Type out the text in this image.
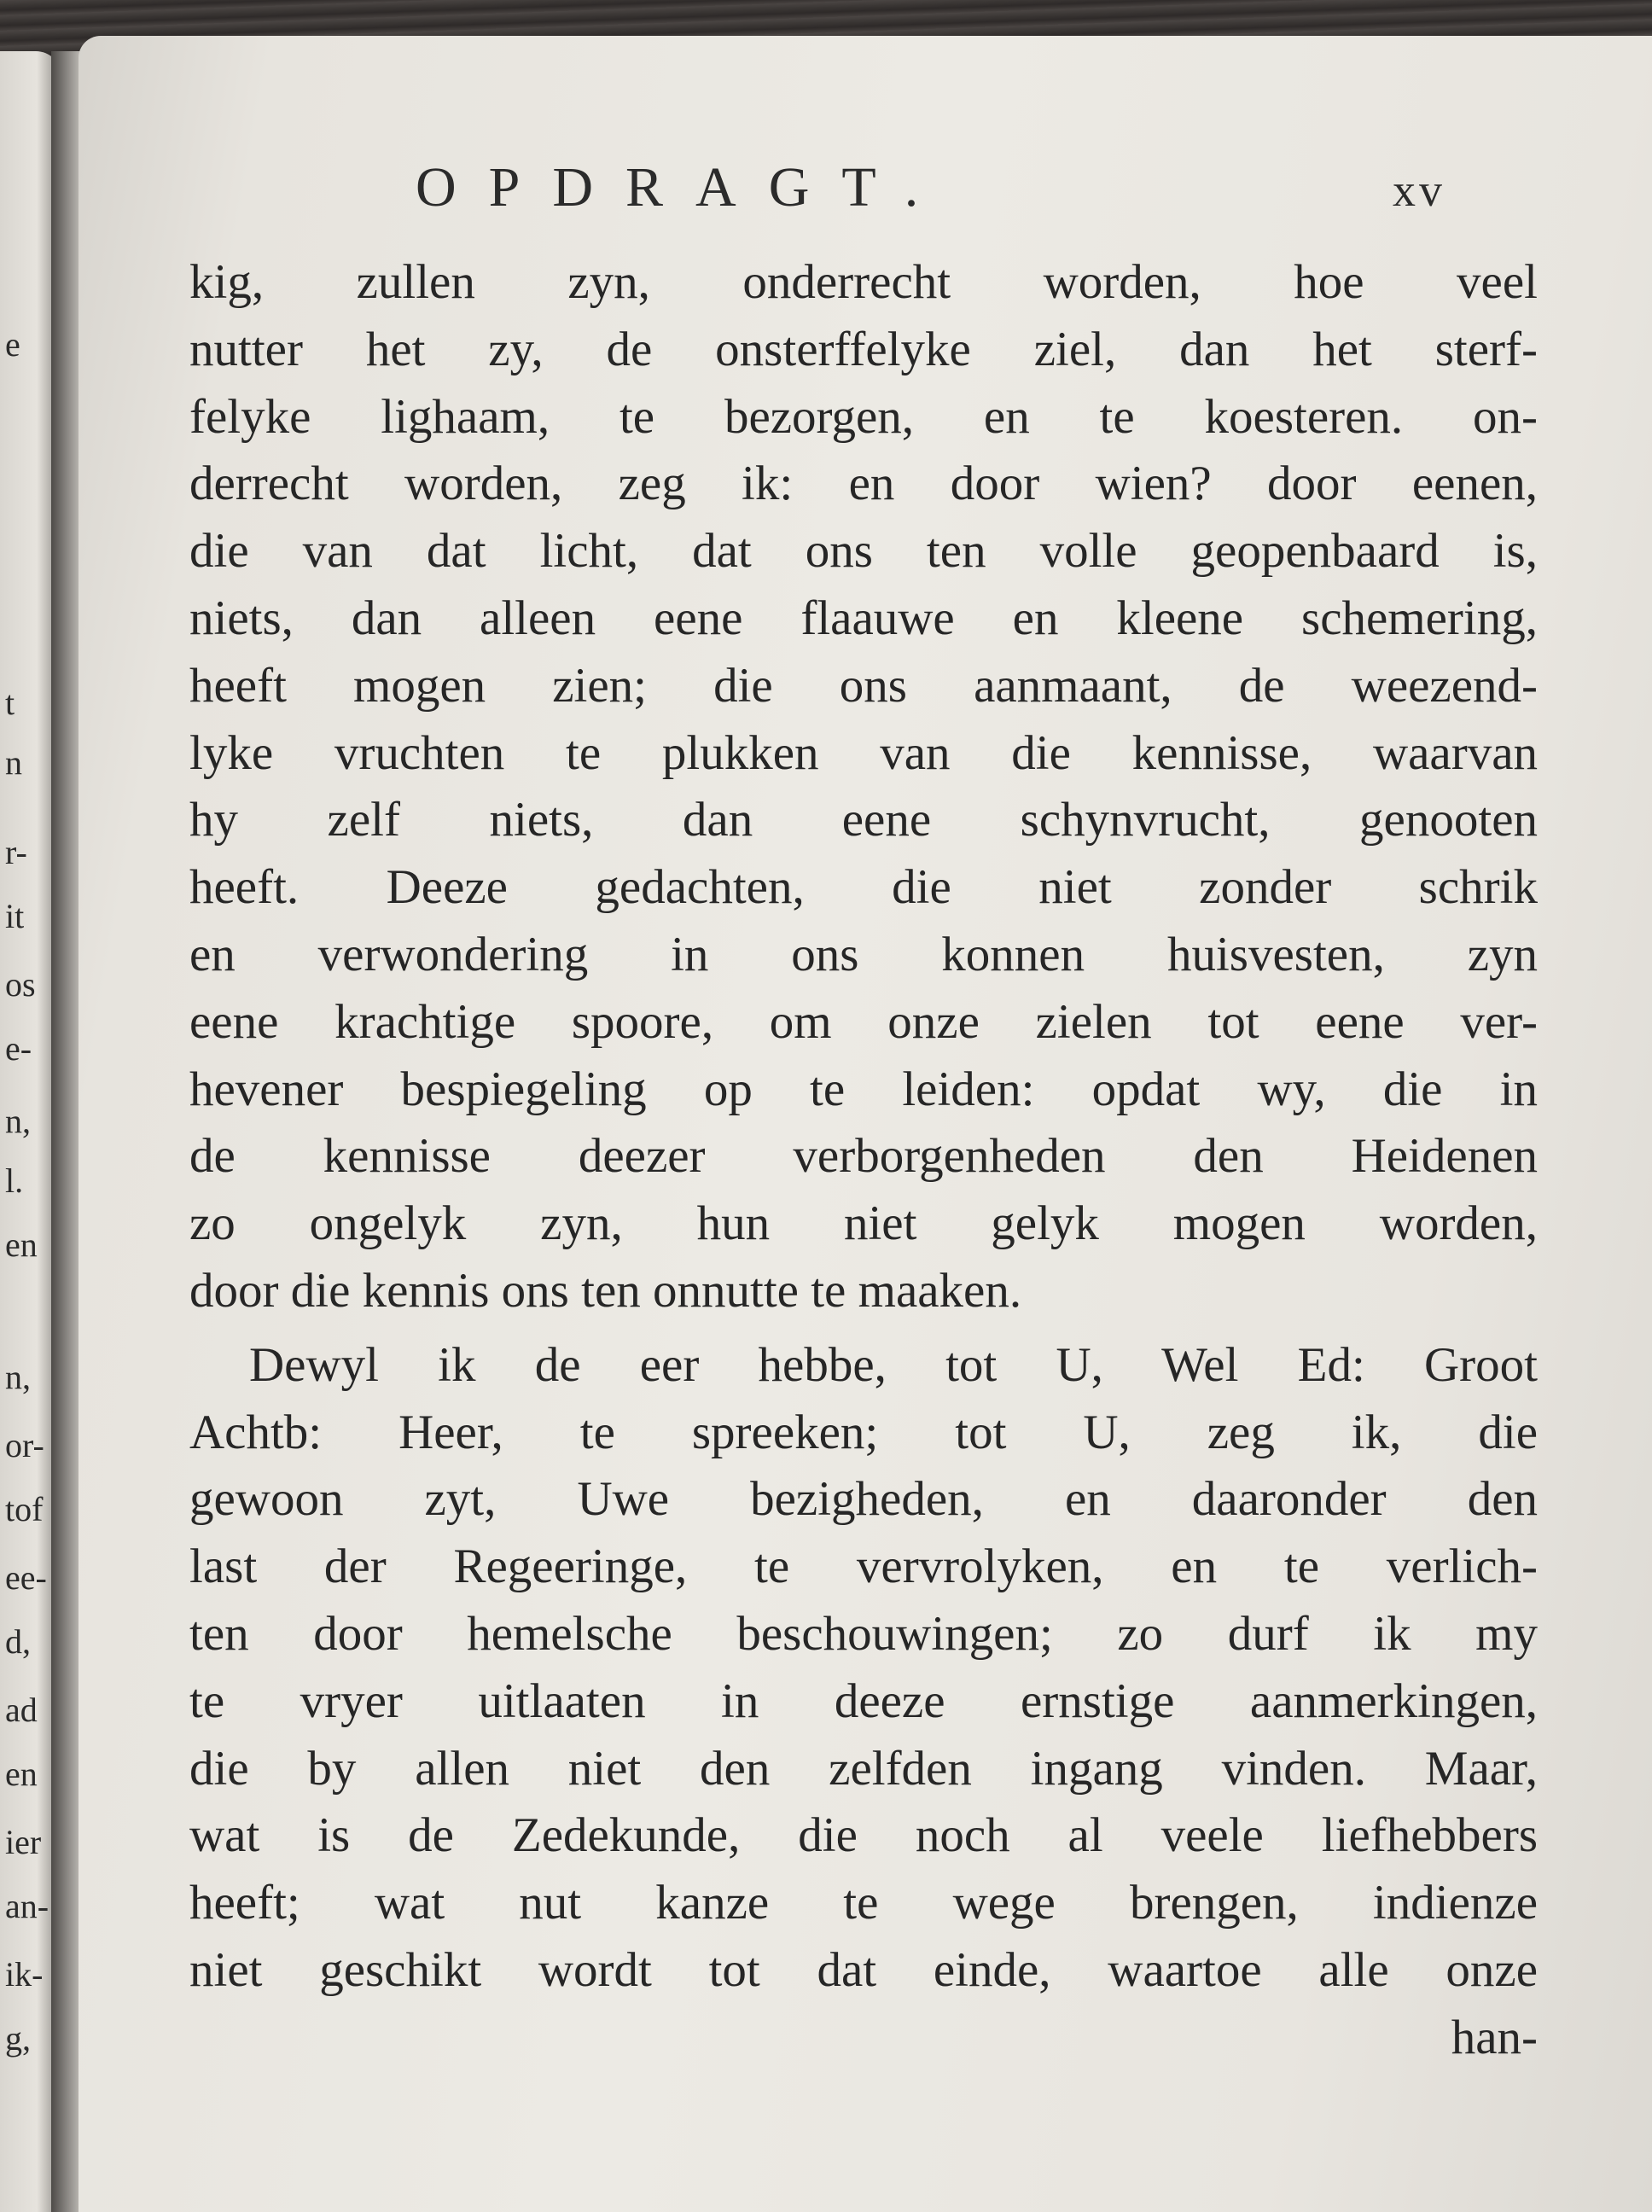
e
t
n
r-
it
os
e-
n,
l.
en
n,
or-
tof
ee-
d,
ad
en
ier
an-
ik-
g,
OPDRAGT.	xv
kig, zullen zyn, onderrecht worden, hoe veel
nutter het zy, de onsterffelyke ziel, dan het sterf-
felyke lighaam, te bezorgen, en te koesteren. on-
derrecht worden, zeg ik: en door wien? door eenen,
die van dat licht, dat ons ten volle geopenbaard is,
niets, dan alleen eene flaauwe en kleene schemering,
heeft mogen zien; die ons aanmaant, de weezend-
lyke vruchten te plukken van die kennisse, waarvan
hy zelf niets, dan eene schynvrucht, genooten
heeft. Deeze gedachten, die niet zonder schrik
en verwondering in ons konnen huisvesten, zyn
eene krachtige spoore, om onze zielen tot eene ver-
hevener bespiegeling op te leiden: opdat wy, die in
de kennisse deezer verborgenheden den Heidenen
zo ongelyk zyn, hun niet gelyk mogen worden,
door die kennis ons ten onnutte te maaken.
Dewyl ik de eer hebbe, tot U, Wel Ed: Groot
Achtb: Heer, te spreeken; tot U, zeg ik, die
gewoon zyt, Uwe bezigheden, en daaronder den
last der Regeeringe, te vervrolyken, en te verlich-
ten door hemelsche beschouwingen; zo durf ik my
te vryer uitlaaten in deeze ernstige aanmerkingen,
die by allen niet den zelfden ingang vinden. Maar,
wat is de Zedekunde, die noch al veele liefhebbers
heeft; wat nut kanze te wege brengen, indienze
niet geschikt wordt tot dat einde, waartoe alle onze
han-
